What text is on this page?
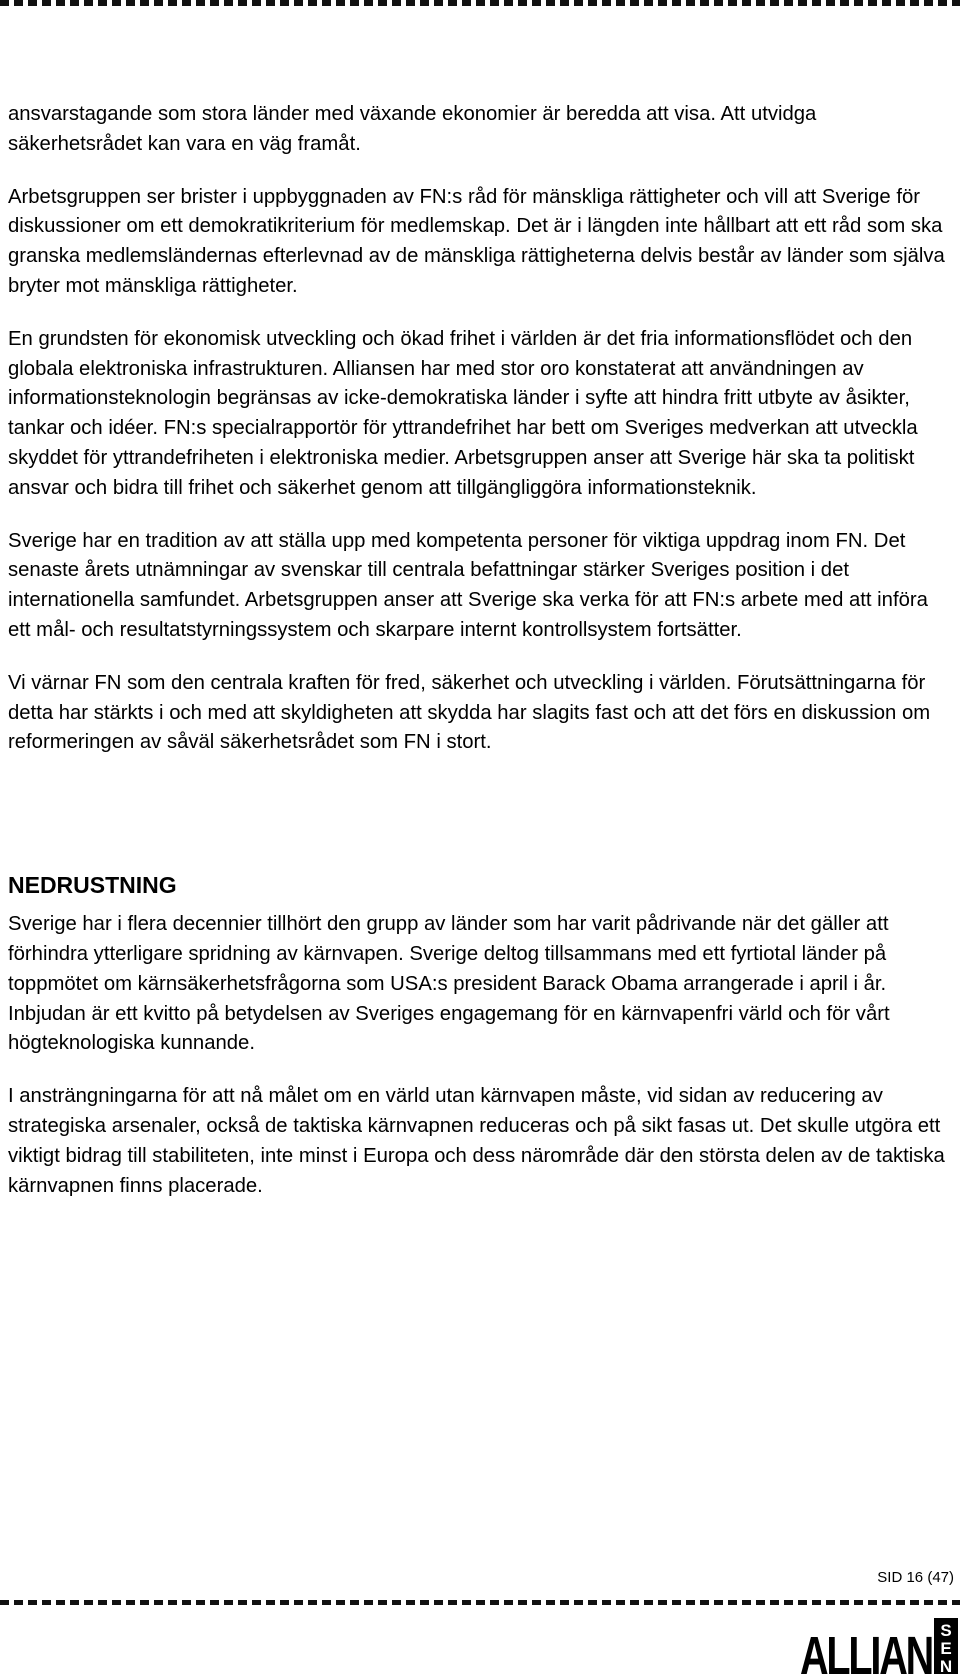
ansvarstagande som stora länder med växande ekonomier är beredda att visa. Att utvidga säkerhetsrådet kan vara en väg framåt.

Arbetsgruppen ser brister i uppbyggnaden av FN:s råd för mänskliga rättigheter och vill att Sverige för diskussioner om ett demokratikriterium för medlemskap. Det är i längden inte hållbart att ett råd som ska granska medlemsländernas efterlevnad av de mänskliga rättigheterna delvis består av länder som själva bryter mot mänskliga rättigheter.

En grundsten för ekonomisk utveckling och ökad frihet i världen är det fria informationsflödet och den globala elektroniska infrastrukturen. Alliansen har med stor oro konstaterat att användningen av informationsteknologin begränsas av icke-demokratiska länder i syfte att hindra fritt utbyte av åsikter, tankar och idéer. FN:s specialrapportör för yttrandefrihet har bett om Sveriges medverkan att utveckla skyddet för yttrandefriheten i elektroniska medier. Arbetsgruppen anser att Sverige här ska ta politiskt ansvar och bidra till frihet och säkerhet genom att tillgängliggöra informationsteknik.

Sverige har en tradition av att ställa upp med kompetenta personer för viktiga uppdrag inom FN. Det senaste årets utnämningar av svenskar till centrala befattningar stärker Sveriges position i det internationella samfundet. Arbetsgruppen anser att Sverige ska verka för att FN:s arbete med att införa ett mål- och resultatstyrningssystem och skarpare internt kontrollsystem fortsätter.

Vi värnar FN som den centrala kraften för fred, säkerhet och utveckling i världen. Förutsättningarna för detta har stärkts i och med att skyldigheten att skydda har slagits fast och att det förs en diskussion om reformeringen av såväl säkerhetsrådet som FN i stort.

NEDRUSTNING

Sverige har i flera decennier tillhört den grupp av länder som har varit pådrivande när det gäller att förhindra ytterligare spridning av kärnvapen. Sverige deltog tillsammans med ett fyrtiotal länder på toppmötet om kärnsäkerhetsfrågorna som USA:s president Barack Obama arrangerade i april i år. Inbjudan är ett kvitto på betydelsen av Sveriges engagemang för en kärnvapenfri värld och för vårt högteknologiska kunnande.

I ansträngningarna för att nå målet om en värld utan kärnvapen måste, vid sidan av reducering av strategiska arsenaler, också de taktiska kärnvapnen reduceras och på sikt fasas ut. Det skulle utgöra ett viktigt bidrag till stabiliteten, inte minst i Europa och dess närområde där den största delen av de taktiska kärnvapnen finns placerade.

SID 16 (47)
ALLIAN S
E
N
